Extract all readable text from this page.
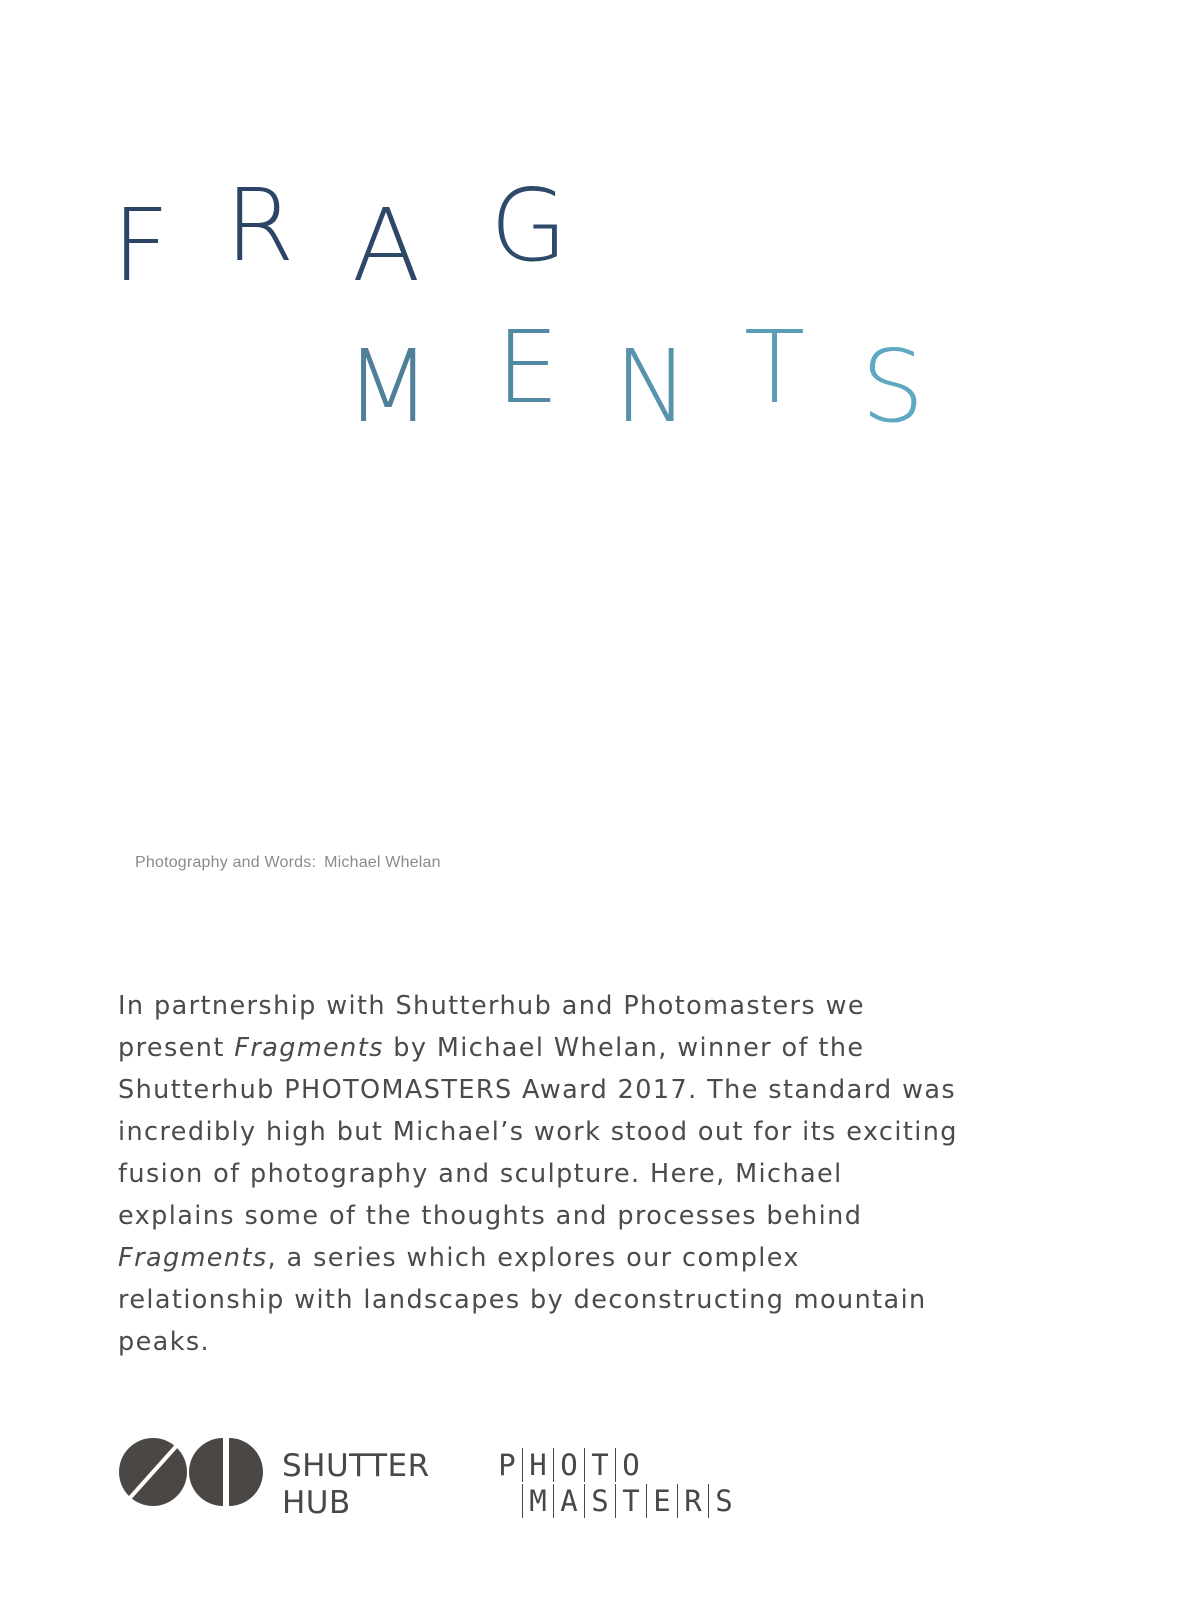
F R A G
M E N T S
Photography and Words: Michael Whelan

In partnership with Shutterhub and Photomasters we present Fragments by Michael Whelan, winner of the Shutterhub PHOTOMASTERS Award 2017. The standard was incredibly high but Michael’s work stood out for its exciting fusion of photography and sculpture. Here, Michael explains some of the thoughts and processes behind Fragments, a series which explores our complex relationship with landscapes by deconstructing mountain peaks.

SHUTTER
HUB
P H O T O
M A S T E R S
